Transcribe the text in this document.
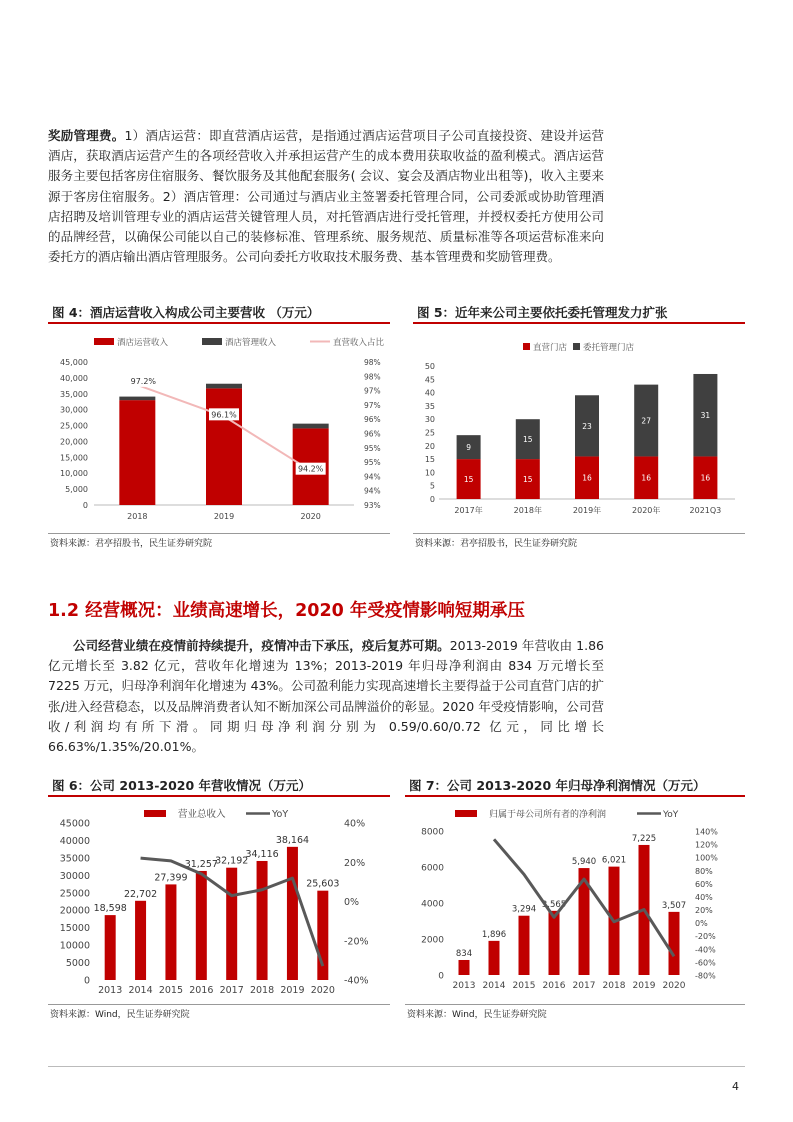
奖励管理费。1）酒店运营：即直营酒店运营，是指通过酒店运营项目子公司直接投资、建设并运营酒店，获取酒店运营产生的各项经营收入并承担运营产生的成本费用获取收益的盈利模式。酒店运营服务主要包括客房住宿服务、餐饮服务及其他配套服务( 会议、宴会及酒店物业出租等)，收入主要来源于客房住宿服务。2）酒店管理：公司通过与酒店业主签署委托管理合同，公司委派或协助管理酒店招聘及培训管理专业的酒店运营关键管理人员，对托管酒店进行受托管理，并授权委托方使用公司的品牌经营，以确保公司能以自己的装修标准、管理系统、服务规范、质量标准等各项运营标准来向委托方的酒店输出酒店管理服务。公司向委托方收取技术服务费、基本管理费和奖励管理费。
图 4：酒店运营收入构成公司主要营收 （万元）
酒店运营收入	酒店管理收入	直营收入占比
0
5,000
10,000
15,000
20,000
25,000
30,000
35,000
40,000
45,000
93%
94%
94%
95%
95%
96%
96%
97%
97%
98%
98%
2018	2019	2020
97.2%
96.1%
94.2%
资料来源：君亭招股书，民生证券研究院
图 5：近年来公司主要依托委托管理发力扩张
直营门店 委托管理门店
0
5
10
15
20
25
30
35
40
45
50
15
9
2017年
15
15
2018年
16
23
2019年
16
27
2020年
16
31
2021Q3
资料来源：君亭招股书，民生证券研究院
1.2 经营概况：业绩高速增长，2020 年受疫情影响短期承压
公司经营业绩在疫情前持续提升，疫情冲击下承压，疫后复苏可期。2013-2019 年营收由 1.86 亿元增长至 3.82 亿元，营收年化增速为 13%；2013-2019 年归母净利润由 834 万元增长至 7225 万元，归母净利润年化增速为 43%。公司盈利能力实现高速增长主要得益于公司直营门店的扩张/进入经营稳态，以及品牌消费者认知不断加深公司品牌溢价的彰显。2020 年受疫情影响，公司营收/利润均有所下滑。同期归母净利润分别为 0.59/0.60/0.72 亿元，同比增长 66.63%/1.35%/20.01%。
图 6：公司 2013-2020 年营收情况（万元）
营业总收入	YoY
0
5000
10000
15000
20000
25000
30000
35000
40000
45000
-40%
-20%
0%
20%
40%
18,598
2013
22,702
2014
27,399
2015
31,257
2016
32,192
2017
34,116
2018
38,164
2019
25,603
2020
资料来源：Wind，民生证券研究院
图 7：公司 2013-2020 年归母净利润情况（万元）
归属于母公司所有者的净利润	YoY
0
2000
4000
6000
8000
-80%
-60%
-40%
-20%
0%
20%
40%
60%
80%
100%
120%
140%
834
2013
1,896
2014
3,294
2015
3,565
2016
5,940
2017
6,021
2018
7,225
2019
3,507
2020
资料来源：Wind，民生证券研究院
4
